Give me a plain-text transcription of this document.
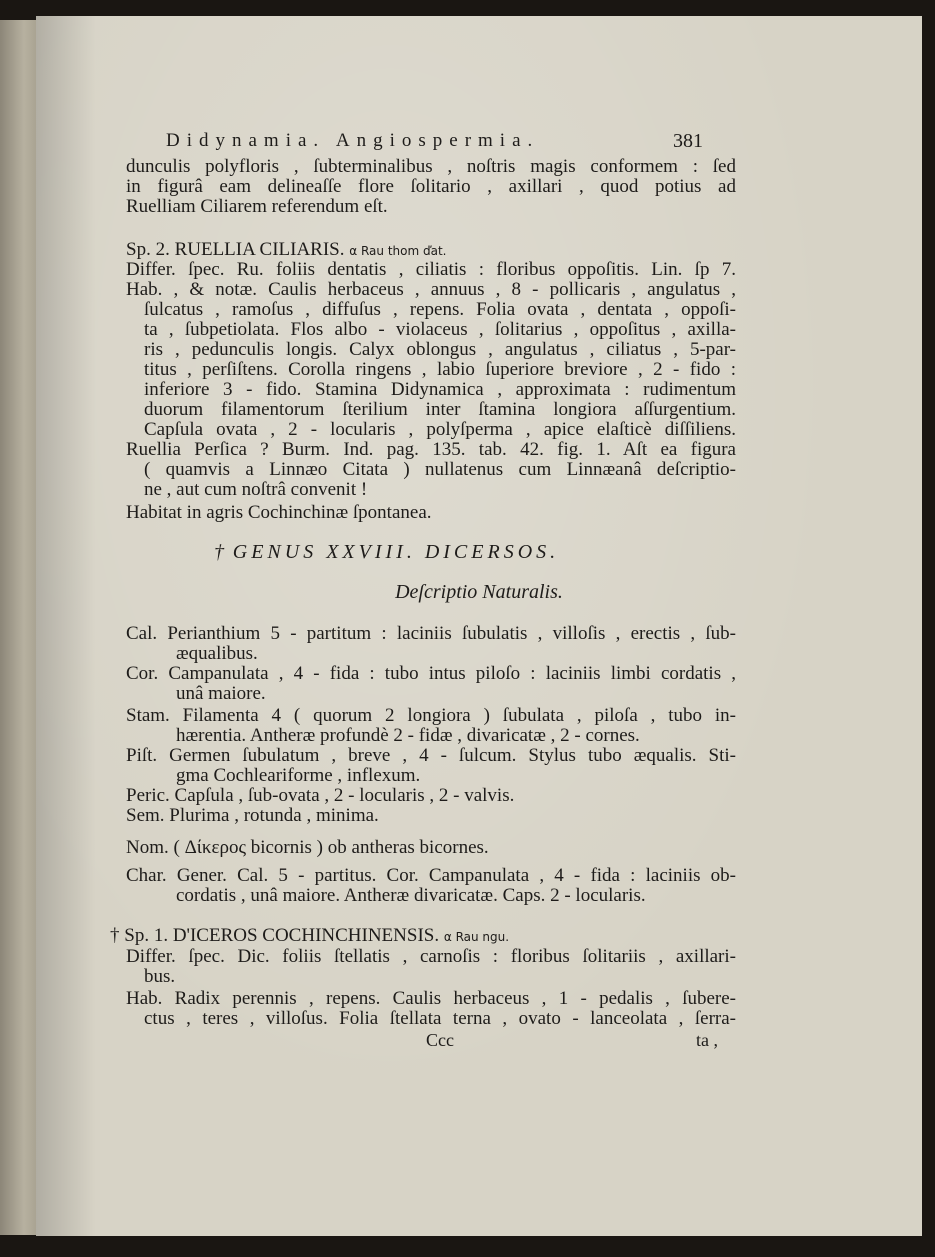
Didynamia. Angiospermia.	381
dunculis polyfloris , ſubterminalibus , noſtris magis conformem : ſed
in figurâ eam delineaſſe flore ſolitario , axillari , quod potius ad
Ruelliam Ciliarem referendum eſt.
Sp. 2. RUELLIA CILIARIS. α Rau thom ďat.
Differ. ſpec. Ru. foliis dentatis , ciliatis : floribus oppoſitis. Lin. ſp 7.
Hab. , & notæ. Caulis herbaceus , annuus , 8 - pollicaris , angulatus ,
ſulcatus , ramoſus , diffuſus , repens. Folia ovata , dentata , oppoſi-
ta , ſubpetiolata. Flos albo - violaceus , ſolitarius , oppoſitus , axilla-
ris , pedunculis longis. Calyx oblongus , angulatus , ciliatus , 5-par-
titus , perſiſtens. Corolla ringens , labio ſuperiore breviore , 2 - fido :
inferiore 3 - fido. Stamina Didynamica , approximata : rudimentum
duorum filamentorum ſterilium inter ſtamina longiora aſſurgentium.
Capſula ovata , 2 - locularis , polyſperma , apice elaſticè diſſiliens.
Ruellia Perſica ? Burm. Ind. pag. 135. tab. 42. fig. 1. Aſt ea figura
( quamvis a Linnæo Citata ) nullatenus cum Linnæanâ deſcriptio-
ne , aut cum noſtrâ convenit !
Habitat in agris Cochinchinæ ſpontanea.
† GENUS XXVIII. DICERSOS.
Deſcriptio Naturalis.
Cal. Perianthium 5 - partitum : laciniis ſubulatis , villoſis , erectis , ſub-
æqualibus.
Cor. Campanulata , 4 - fida : tubo intus piloſo : laciniis limbi cordatis ,
unâ maiore.
Stam. Filamenta 4 ( quorum 2 longiora ) ſubulata , piloſa , tubo in-
hærentia. Antheræ profundè 2 - fidæ , divaricatæ , 2 - cornes.
Piſt. Germen ſubulatum , breve , 4 - ſulcum. Stylus tubo æqualis. Sti-
gma Cochleariforme , inflexum.
Peric. Capſula , ſub-ovata , 2 - locularis , 2 - valvis.
Sem. Plurima , rotunda , minima.
Nom. ( Δίκερος bicornis ) ob antheras bicornes.
Char. Gener. Cal. 5 - partitus. Cor. Campanulata , 4 - fida : laciniis ob-
cordatis , unâ maiore. Antheræ divaricatæ. Caps. 2 - locularis.
† Sp. 1. D'ICEROS COCHINCHINENSIS. α Rau ngu.
Differ. ſpec. Dic. foliis ſtellatis , carnoſis : floribus ſolitariis , axillari-
bus.
Hab. Radix perennis , repens. Caulis herbaceus , 1 - pedalis , ſubere-
ctus , teres , villoſus. Folia ſtellata terna , ovato - lanceolata , ſerra-
Ccc	ta ,
